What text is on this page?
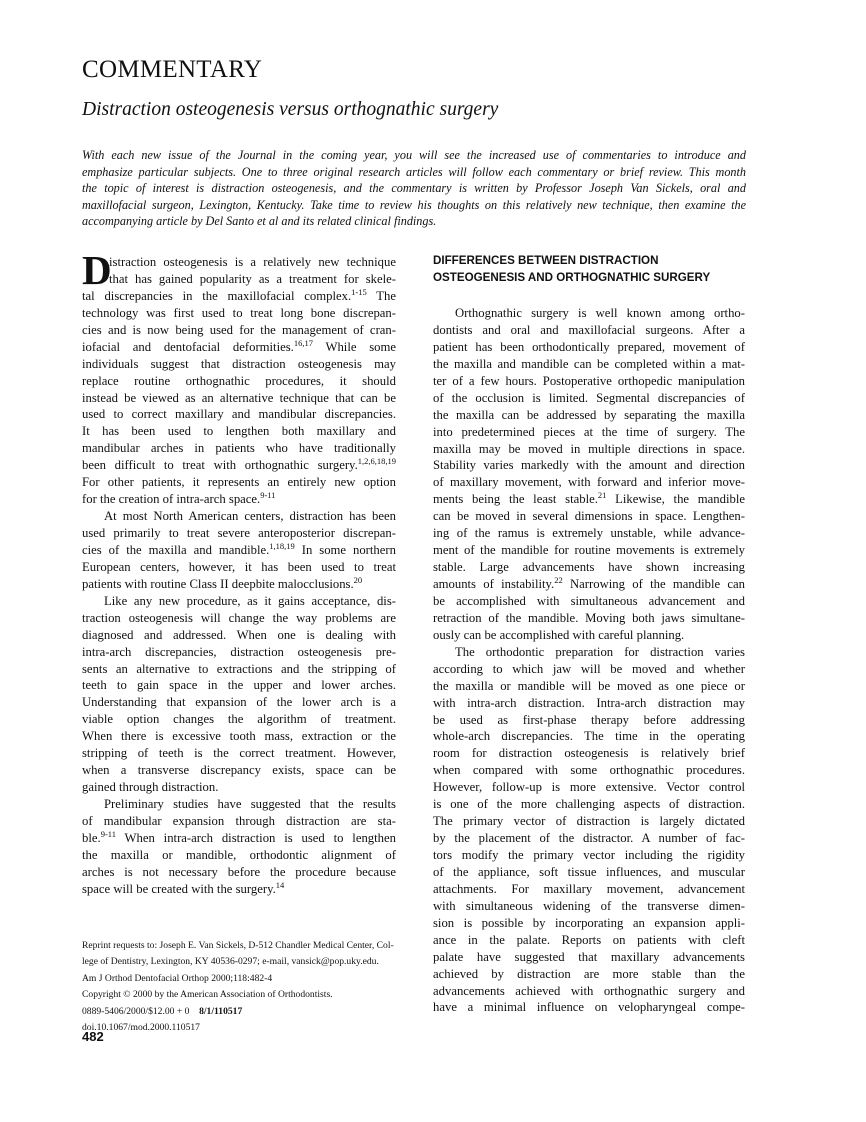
COMMENTARY
Distraction osteogenesis versus orthognathic surgery
With each new issue of the Journal in the coming year, you will see the increased use of commentaries to introduce and
emphasize particular subjects. One to three original research articles will follow each commentary or brief review. This month
the topic of interest is distraction osteogenesis, and the commentary is written by Professor Joseph Van Sickels, oral and
maxillofacial surgeon, Lexington, Kentucky. Take time to review his thoughts on this relatively new technique, then examine the
accompanying article by Del Santo et al and its related clinical findings.
D
istraction osteogenesis is a relatively new technique
that has gained popularity as a treatment for skele-
tal discrepancies in the maxillofacial complex.$^{1-15}$ The
technology was first used to treat long bone discrepan-
cies and is now being used for the management of cran-
iofacial and dentofacial deformities.$^{16,17}$ While some
individuals suggest that distraction osteogenesis may
replace routine orthognathic procedures, it should
instead be viewed as an alternative technique that can be
used to correct maxillary and mandibular discrepancies.
It has been used to lengthen both maxillary and
mandibular arches in patients who have traditionally
been difficult to treat with orthognathic surgery.$^{1,2,6,18,19}$
For other patients, it represents an entirely new option
for the creation of intra-arch space.$^{9-11}$
At most North American centers, distraction has been
used primarily to treat severe anteroposterior discrepan-
cies of the maxilla and mandible.$^{1,18,19}$ In some northern
European centers, however, it has been used to treat
patients with routine Class II deepbite malocclusions.$^{20}$
Like any new procedure, as it gains acceptance, dis-
traction osteogenesis will change the way problems are
diagnosed and addressed. When one is dealing with
intra-arch discrepancies, distraction osteogenesis pre-
sents an alternative to extractions and the stripping of
teeth to gain space in the upper and lower arches.
Understanding that expansion of the lower arch is a
viable option changes the algorithm of treatment.
When there is excessive tooth mass, extraction or the
stripping of teeth is the correct treatment. However,
when a transverse discrepancy exists, space can be
gained through distraction.
Preliminary studies have suggested that the results
of mandibular expansion through distraction are sta-
ble.$^{9-11}$ When intra-arch distraction is used to lengthen
the maxilla or mandible, orthodontic alignment of
arches is not necessary before the procedure because
space will be created with the surgery.$^{14}$
DIFFERENCES BETWEEN DISTRACTION
OSTEOGENESIS AND ORTHOGNATHIC SURGERY
Orthognathic surgery is well known among ortho-
dontists and oral and maxillofacial surgeons. After a
patient has been orthodontically prepared, movement of
the maxilla and mandible can be completed within a mat-
ter of a few hours. Postoperative orthopedic manipulation
of the occlusion is limited. Segmental discrepancies of
the maxilla can be addressed by separating the maxilla
into predetermined pieces at the time of surgery. The
maxilla may be moved in multiple directions in space.
Stability varies markedly with the amount and direction
of maxillary movement, with forward and inferior move-
ments being the least stable.$^{21}$ Likewise, the mandible
can be moved in several dimensions in space. Lengthen-
ing of the ramus is extremely unstable, while advance-
ment of the mandible for routine movements is extremely
stable. Large advancements have shown increasing
amounts of instability.$^{22}$ Narrowing of the mandible can
be accomplished with simultaneous advancement and
retraction of the mandible. Moving both jaws simultane-
ously can be accomplished with careful planning.
The orthodontic preparation for distraction varies
according to which jaw will be moved and whether
the maxilla or mandible will be moved as one piece or
with intra-arch distraction. Intra-arch distraction may
be used as first-phase therapy before addressing
whole-arch discrepancies. The time in the operating
room for distraction osteogenesis is relatively brief
when compared with some orthognathic procedures.
However, follow-up is more extensive. Vector control
is one of the more challenging aspects of distraction.
The primary vector of distraction is largely dictated
by the placement of the distractor. A number of fac-
tors modify the primary vector including the rigidity
of the appliance, soft tissue influences, and muscular
attachments. For maxillary movement, advancement
with simultaneous widening of the transverse dimen-
sion is possible by incorporating an expansion appli-
ance in the palate. Reports on patients with cleft
palate have suggested that maxillary advancements
achieved by distraction are more stable than the
advancements achieved with orthognathic surgery and
have a minimal influence on velopharyngeal compe-
Reprint requests to: Joseph E. Van Sickels, D-512 Chandler Medical Center, Col-
lege of Dentistry, Lexington, KY 40536-0297; e-mail, vansick@pop.uky.edu.
Am J Orthod Dentofacial Orthop 2000;118:482-4
Copyright © 2000 by the American Association of Orthodontists.
0889-5406/2000/$12.00 + 0 8/1/110517
doi.10.1067/mod.2000.110517
482
